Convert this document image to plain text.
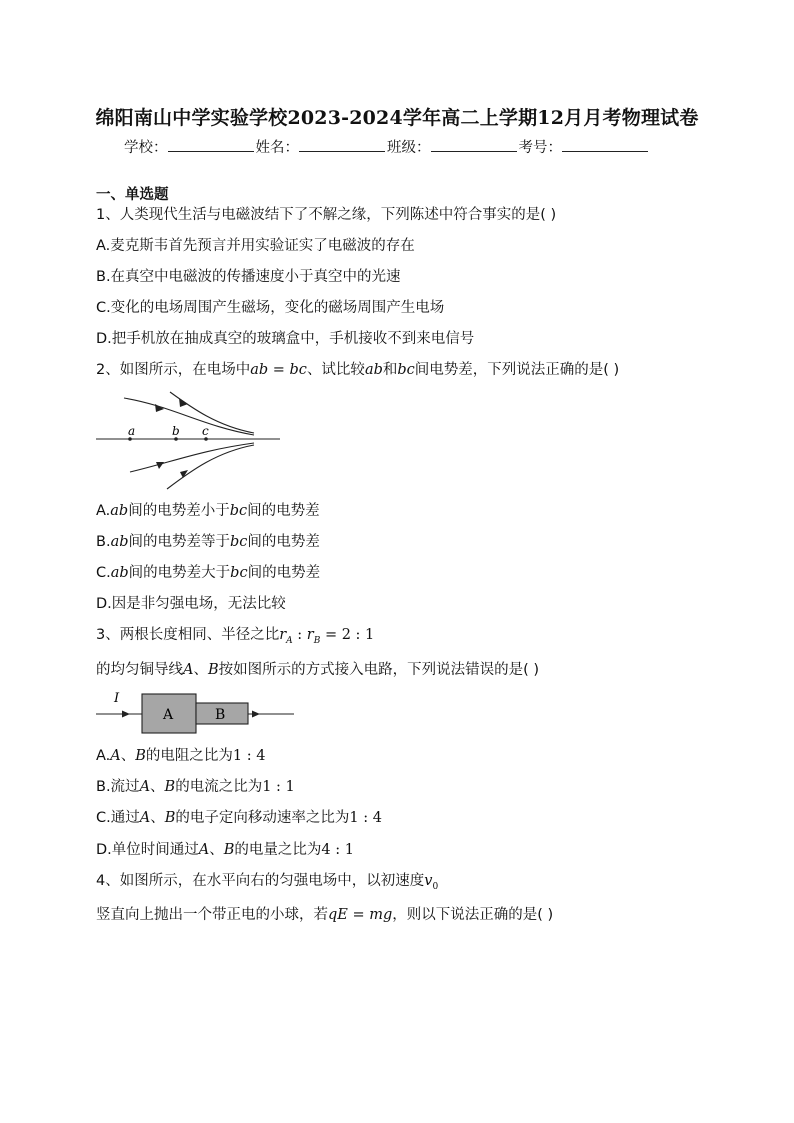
绵阳南山中学实验学校2023-2024学年高二上学期12月月考物理试卷
学校：	姓名：	班级：	考号：
一、单选题
1、人类现代生活与电磁波结下了不解之缘，下列陈述中符合事实的是( )
A.麦克斯韦首先预言并用实验证实了电磁波的存在
B.在真空中电磁波的传播速度小于真空中的光速
C.变化的电场周围产生磁场，变化的磁场周围产生电场
D.把手机放在抽成真空的玻璃盒中，手机接收不到来电信号
2、如图所示，在电场中ab = bc、试比较ab和bc间电势差，下列说法正确的是( )
a	b c
A.ab间的电势差小于bc间的电势差
B.ab间的电势差等于bc间的电势差
C.ab间的电势差大于bc间的电势差
D.因是非匀强电场，无法比较
3、两根长度相同、半径之比$r_A$ : $r_B = 2$ : 1
的均匀铜导线A、B按如图所示的方式接入电路，下列说法错误的是( )
I
A	B
A.A、B的电阻之比为1 : 4
B.流过A、B的电流之比为1 : 1
C.通过A、B的电子定向移动速率之比为1 : 4
D.单位时间通过A、B的电量之比为4 : 1
4、如图所示，在水平向右的匀强电场中，以初速度$v_0$
竖直向上抛出一个带正电的小球，若qE = mg，则以下说法正确的是( )
